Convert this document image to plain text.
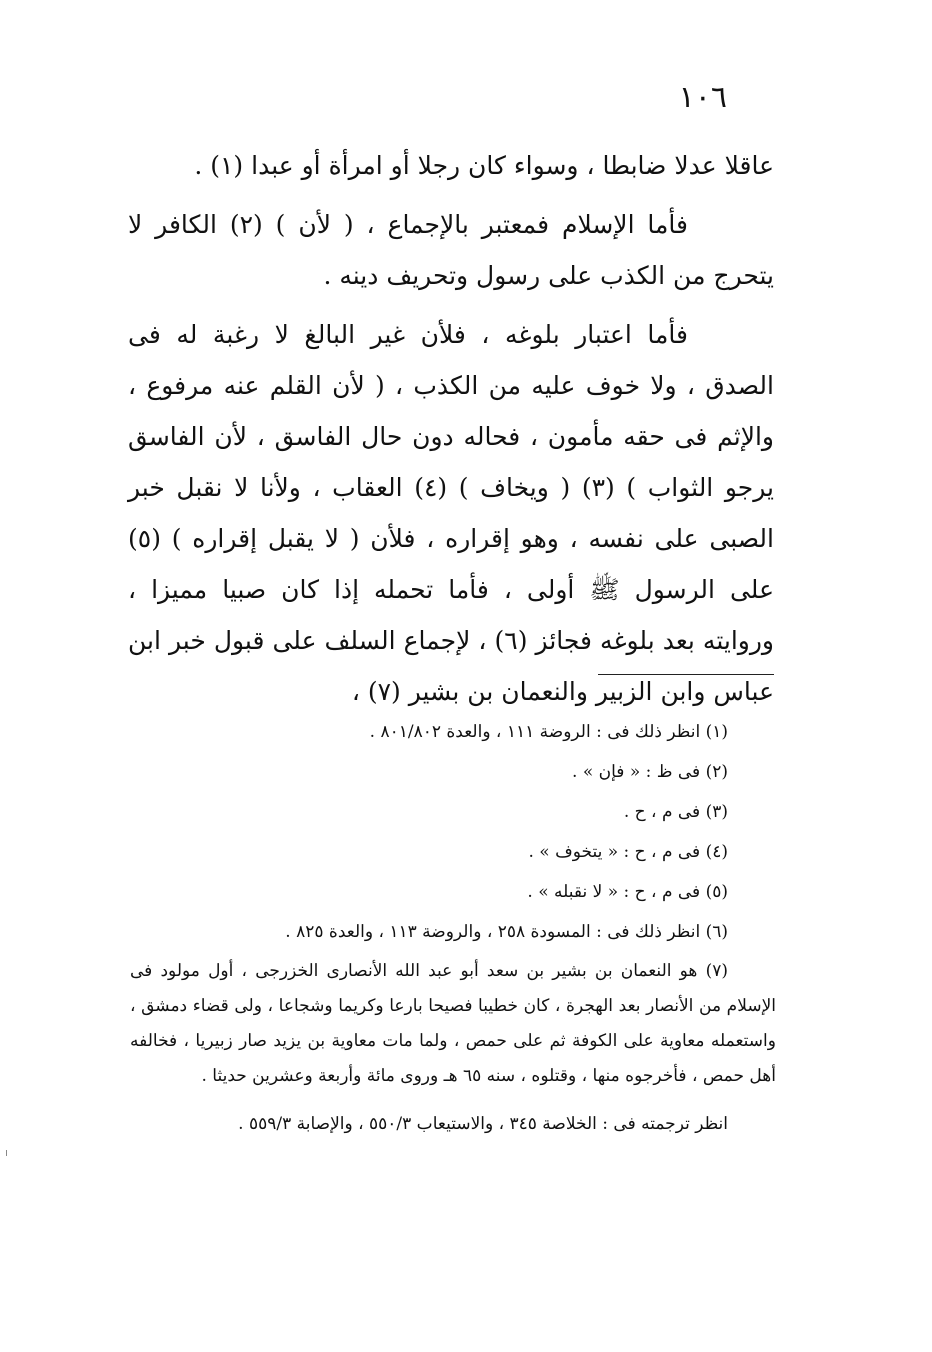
١٠٦

عاقلا عدلا ضابطا ، وسواء كان رجلا أو امرأة أو عبدا (١) .

فأما الإسلام فمعتبر بالإجماع ، ( لأن ) (٢) الكافر لا يتحرج من الكذب على رسول وتحريف دينه .

فأما اعتبار بلوغه ، فلأن غير البالغ لا رغبة له فى الصدق ، ولا خوف عليه من الكذب ، ( لأن القلم عنه مرفوع ، والإثم فى حقه مأمون ، فحاله دون حال الفاسق ، لأن الفاسق يرجو الثواب ) (٣) ( ويخاف ) (٤) العقاب ، ولأنا لا نقبل خبر الصبى على نفسه ، وهو إقراره ، فلأن ( لا يقبل إقراره ) (٥) على الرسول ﷺ أولى ، فأما تحمله إذا كان صبيا مميزا ، وروايته بعد بلوغه فجائز (٦) ، لإجماع السلف على قبول خبر ابن عباس وابن الزبير والنعمان بن بشير (٧) ،

(١) انظر ذلك فى : الروضة ١١١ ، والعدة ٨٠١/٨٠٢ .
(٢) فى ظ : « فإن » .
(٣) فى م ، ح .
(٤) فى م ، ح : « يتخوف » .
(٥) فى م ، ح : « لا نقبله » .
(٦) انظر ذلك فى : المسودة ٢٥٨ ، والروضة ١١٣ ، والعدة ٨٢٥ .
(٧) هو النعمان بن بشير بن سعد أبو عبد الله الأنصارى الخزرجى ، أول مولود فى الإسلام من الأنصار بعد الهجرة ، كان خطيبا فصيحا بارعا وكريما وشجاعا ، ولى قضاء دمشق ، واستعمله معاوية على الكوفة ثم على حمص ، ولما مات معاوية بن يزيد صار زبيريا ، فخالفه أهل حمص ، فأخرجوه منها ، وقتلوه ، سنه ٦٥ هـ وروى مائة وأربعة وعشرين حديثا .
انظر ترجمته فى : الخلاصة ٣٤٥ ، والاستيعاب ٥٥٠/٣ ، والإصابة ٥٥٩/٣ .
